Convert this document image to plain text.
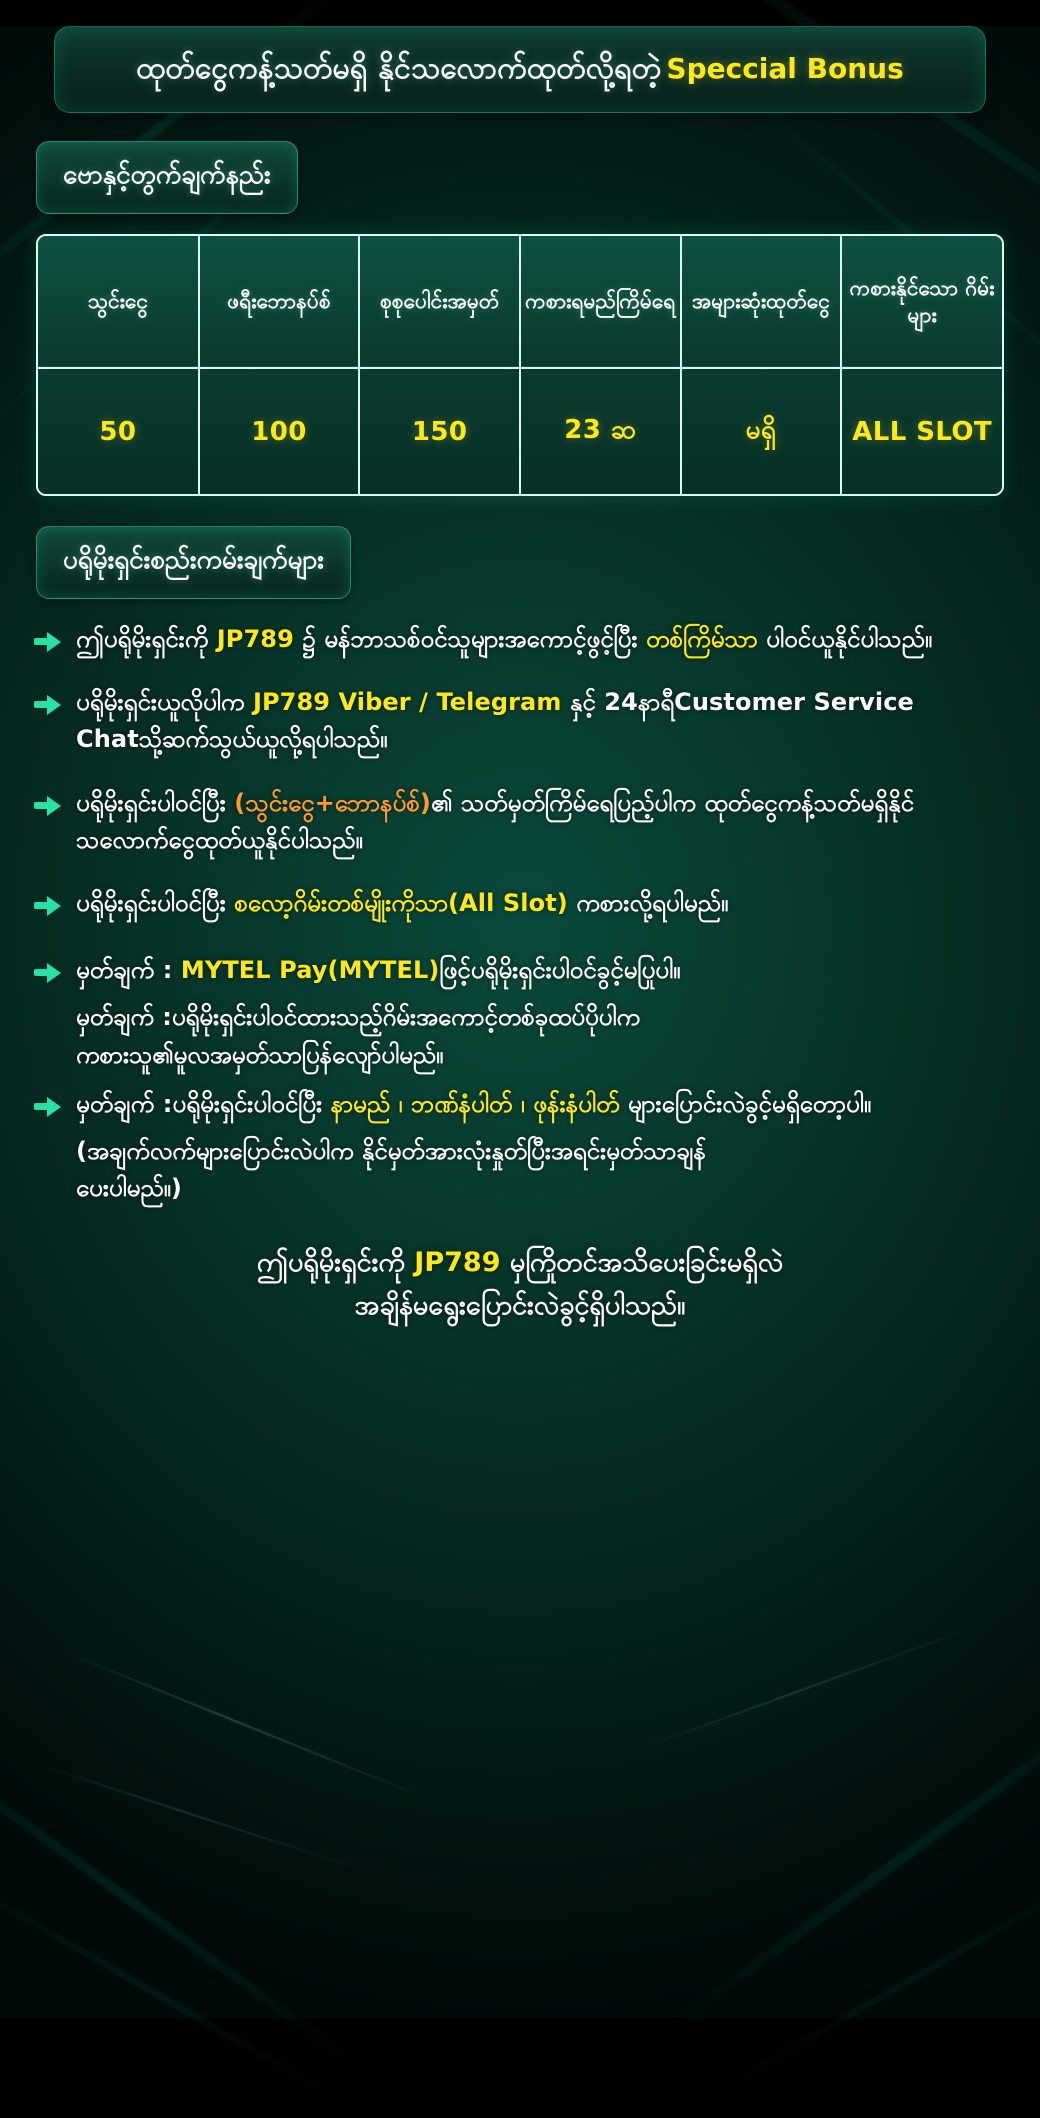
ထုတ်ငွေကန့်သတ်မရှိ နိုင်သလောက်ထုတ်လို့ရတဲ့ Speccial Bonus
ဗောနှင့်တွက်ချက်နည်း
သွင်းငွေ	ဖရီးဘောနပ်စ်	စုစုပေါင်းအမှတ်	ကစားရမည်ကြိမ်ရေ	အများဆုံးထုတ်ငွေ	ကစားနိုင်သော ဂိမ်းများ
50	100	150	23 ဆ	မရှိ	ALL SLOT
ပရိုမိုးရှင်းစည်းကမ်းချက်များ
ဤပရိုမိုးရှင်းကို JP789 ၌ မန်ဘာသစ်ဝင်သူများအကောင့်ဖွင့်ပြီး တစ်ကြိမ်သာ ပါဝင်ယူနိုင်ပါသည်။
ပရိုမိုးရှင်းယူလိုပါက JP789 Viber / Telegram နှင့် 24နာရီCustomer Service Chatသို့ဆက်သွယ်ယူလို့ရပါသည်။
ပရိုမိုးရှင်းပါဝင်ပြီး (သွင်းငွေ+ဘောနပ်စ်)၏ သတ်မှတ်ကြိမ်ရေပြည့်ပါက ထုတ်ငွေကန့်သတ်မရှိနိုင်သလောက်ငွေထုတ်ယူနိုင်ပါသည်။
ပရိုမိုးရှင်းပါဝင်ပြီး စလော့ဂိမ်းတစ်မျိုးကိုသာ(All Slot) ကစားလို့ရပါမည်။
မှတ်ချက် : MYTEL Pay(MYTEL)ဖြင့်ပရိုမိုးရှင်းပါဝင်ခွင့်မပြုပါ။
မှတ်ချက် :ပရိုမိုးရှင်းပါဝင်ထားသည့်ဂိမ်းအကောင့်တစ်ခုထပ်ပိုပါက
ကစားသူ၏မူလအမှတ်သာပြန်လျော်ပါမည်။
မှတ်ချက် :ပရိုမိုးရှင်းပါဝင်ပြီး နာမည် ၊ ဘဏ်နံပါတ် ၊ ဖုန်းနံပါတ် များပြောင်းလဲခွင့်မရှိတော့ပါ။
(အချက်လက်များပြောင်းလဲပါက နိုင်မှတ်အားလုံးနှုတ်ပြီးအရင်းမှတ်သာချန်
ပေးပါမည်။)
ဤပရိုမိုးရှင်းကို JP789 မှကြိုတင်အသိပေးခြင်းမရှိလဲ
အချိန်မရွေးပြောင်းလဲခွင့်ရှိပါသည်။
